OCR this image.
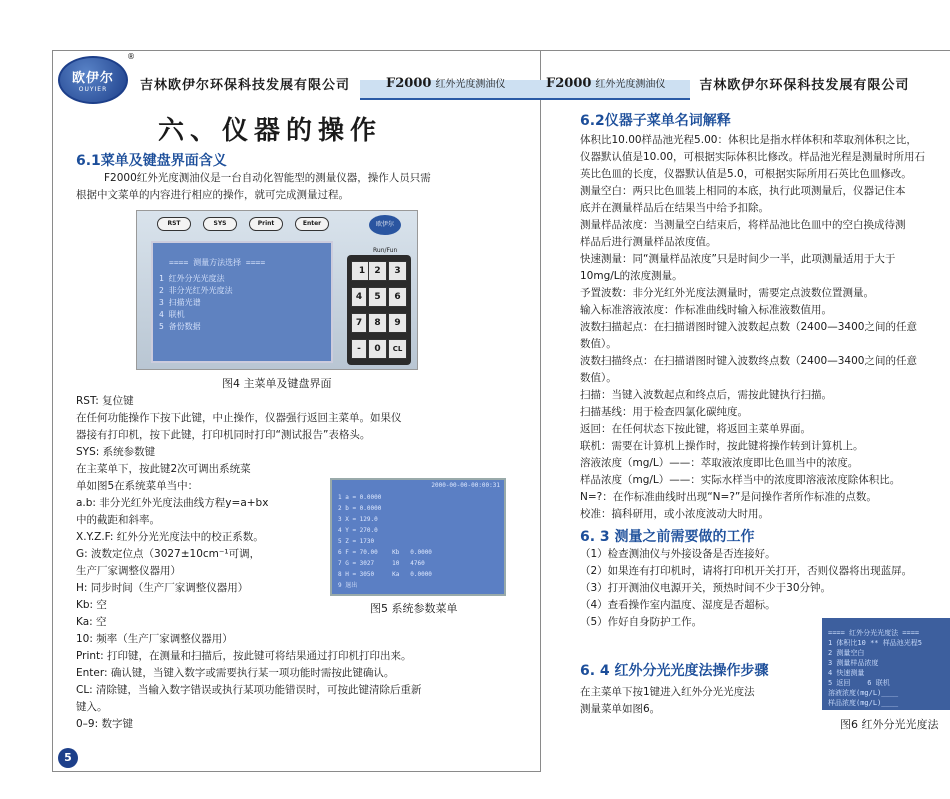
欧伊尔
OUYIER
®
吉林欧伊尔环保科技发展有限公司	F2000 红外光度测油仪
六、仪器的操作
6.1菜单及键盘界面含义

F2000红外光度测油仪是一台自动化智能型的测量仪器，操作人员只需

根据中文菜单的内容进行相应的操作，就可完成测量过程。

RST	SYS	Print	Enter	欧伊尔
==== 测量方法选择 ====
1 红外分光光度法
2 非分光红外光度法
3 扫描光谱
4 联机
5 备份数据
Run/Fun
1	2	3
4	5	6
7	8	9
-	0	CL
图4 主菜单及键盘界面

RST: 复位键

在任何功能操作下按下此键，中止操作，仪器强行返回主菜单。如果仪

器接有打印机，按下此键，打印机同时打印“测试报告”表格头。

SYS: 系统参数键

在主菜单下，按此键2次可调出系统菜

单如图5在系统菜单当中：

a.b: 非分光红外光度法曲线方程y=a+bx

中的截距和斜率。

X.Y.Z.F: 红外分光光度法中的校正系数。

G: 波数定位点（3027±10cm⁻¹可调，

生产厂家调整仪器用）

H: 同步时间（生产厂家调整仪器用）

Kb: 空

Ka: 空

10: 频率（生产厂家调整仪器用）

Print: 打印键，在测量和扫描后，按此键可将结果通过打印机打印出来。

Enter: 确认键，当键入数字或需要执行某一项功能时需按此键确认。

CL: 清除键，当输入数字错误或执行某项功能错误时，可按此键清除后重新

键入。

0–9: 数字键

2000-00-00-00:00:31
1 a = 0.0000
2 b = 0.0000
3 X = 129.0
4 Y = 270.0
5 Z = 1730
6 F = 70.00    Kb   0.0000
7 G = 3027     10   4760
8 H = 3050     Ka   0.0000
9 退出
图5 系统参数菜单
5
F2000 红外光度测油仪	吉林欧伊尔环保科技发展有限公司
6.2仪器子菜单名词解释

体积比10.00样品池光程5.00：体积比是指水样体积和萃取剂体积之比，

仪器默认值是10.00，可根据实际体积比修改。样品池光程是测量时所用石

英比色皿的长度，仪器默认值是5.0，可根据实际所用石英比色皿修改。

测量空白：两只比色皿装上相同的本底，执行此项测量后，仪器记住本

底并在测量样品后在结果当中给予扣除。

测量样品浓度：当测量空白结束后，将样品池比色皿中的空白换成待测

样品后进行测量样品浓度值。

快速测量：同“测量样品浓度”只是时间少一半，此项测量适用于大于

10mg/L的浓度测量。

予置波数：非分光红外光度法测量时，需要定点波数位置测量。

输入标准溶液浓度：作标准曲线时输入标准液数值用。

波数扫描起点：在扫描谱图时键入波数起点数（2400—3400之间的任意

数值）。

波数扫描终点：在扫描谱图时键入波数终点数（2400—3400之间的任意

数值）。

扫描：当键入波数起点和终点后，需按此键执行扫描。

扫描基线：用于检查四氯化碳纯度。

返回：在任何状态下按此键，将返回主菜单界面。

联机：需要在计算机上操作时，按此键将操作转到计算机上。

溶液浓度（mg/L）——：萃取液浓度即比色皿当中的浓度。

样品浓度（mg/L）——：实际水样当中的浓度即溶液浓度除体积比。

N=?：在作标准曲线时出现“N=?”是问操作者所作标准的点数。

校准：搞科研用，或小浓度波动大时用。

6. 3 测量之前需要做的工作

（1）检查测油仪与外接设备是否连接好。

（2）如果连有打印机时，请将打印机开关打开，否则仪器将出现蓝屏。

（3）打开测油仪电源开关，预热时间不少于30分钟。

（4）查看操作室内温度、湿度是否超标。

（5）作好自身防护工作。

6. 4 红外分光光度法操作步骤

在主菜单下按1键进入红外分光光度法

测量菜单如图6。

==== 红外分光光度法 ====
1 体积比10 ** 样品池光程5
2 测量空白
3 测量样品浓度
4 快速测量
5 返回    6 联机
溶液浓度(mg/L)____
样品浓度(mg/L)____
图6 红外分光光度法
